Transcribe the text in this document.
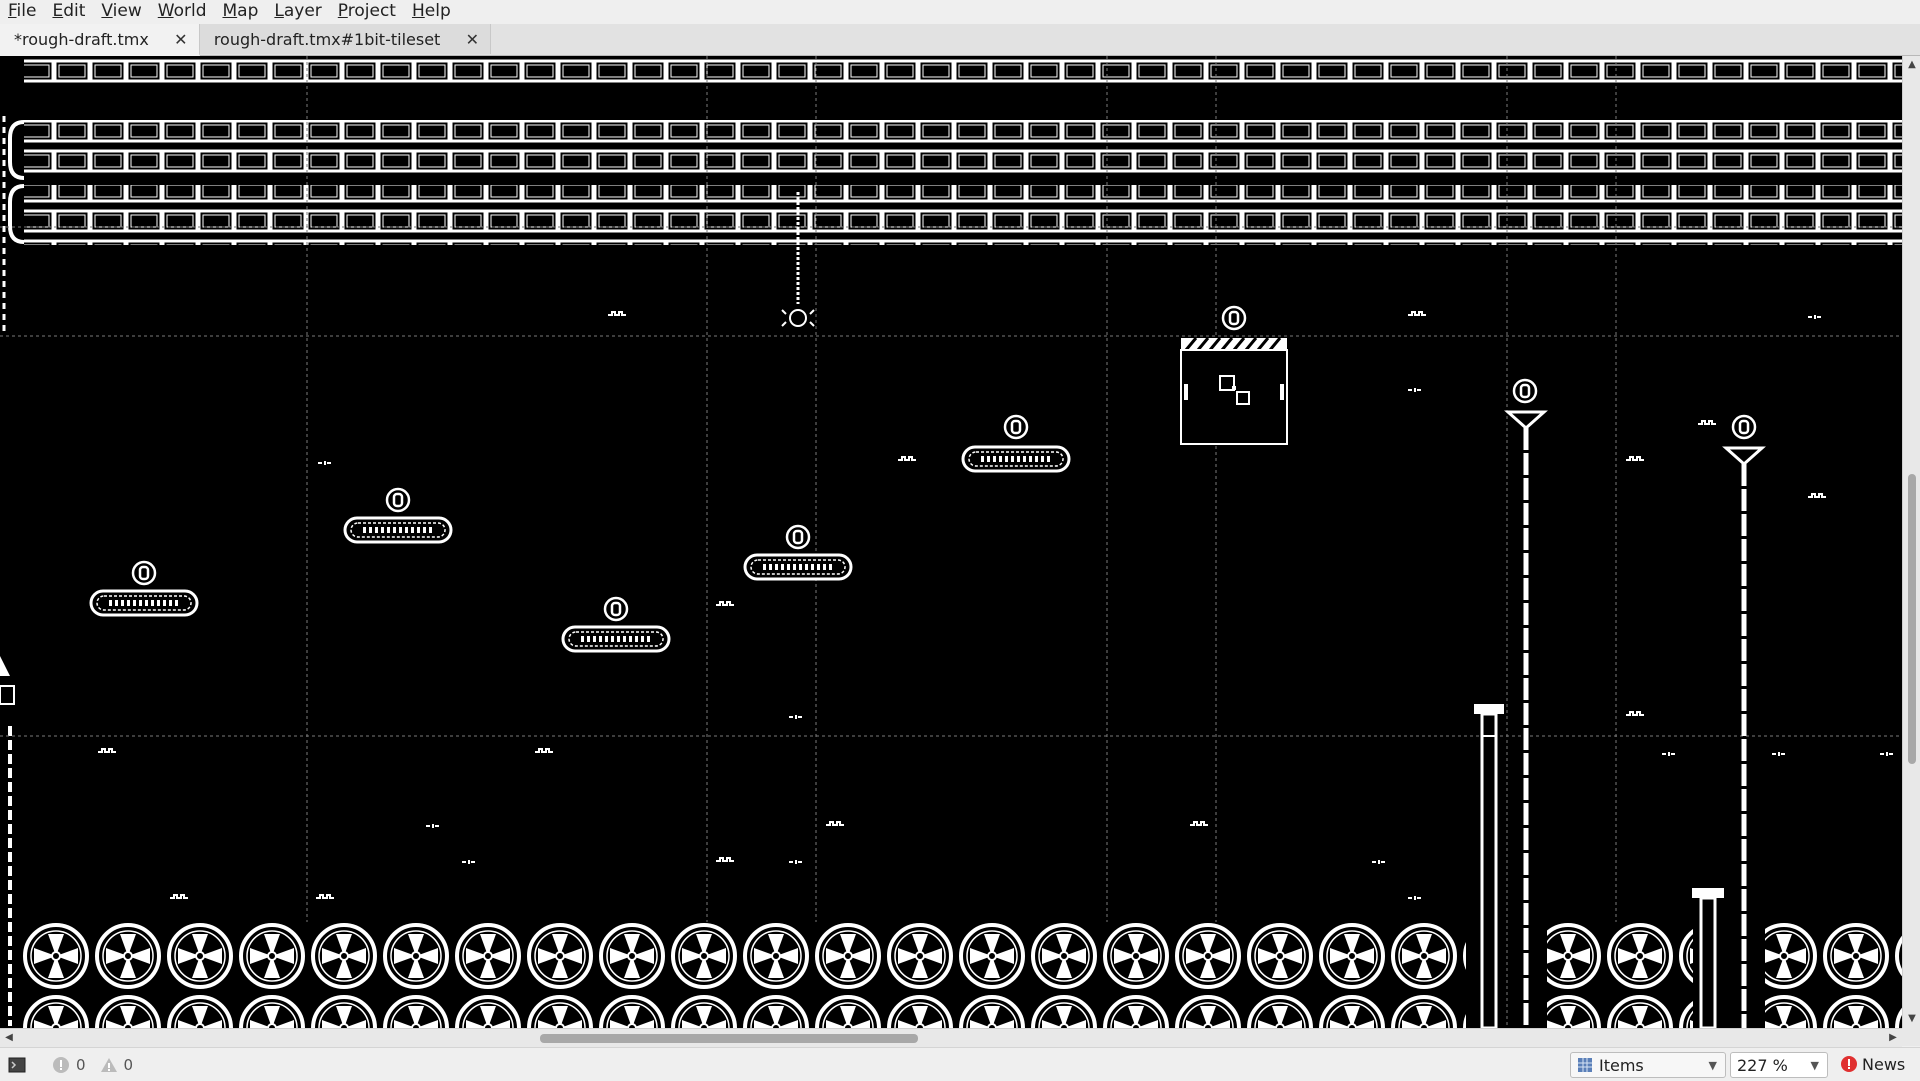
File Edit View World Map Layer Project Help
*rough-draft.tmx ✕ rough-draft.tmx#1bit-tileset ✕
▲
▼
◀	▶
0	0	Items	▼ 227 %	▼	News
